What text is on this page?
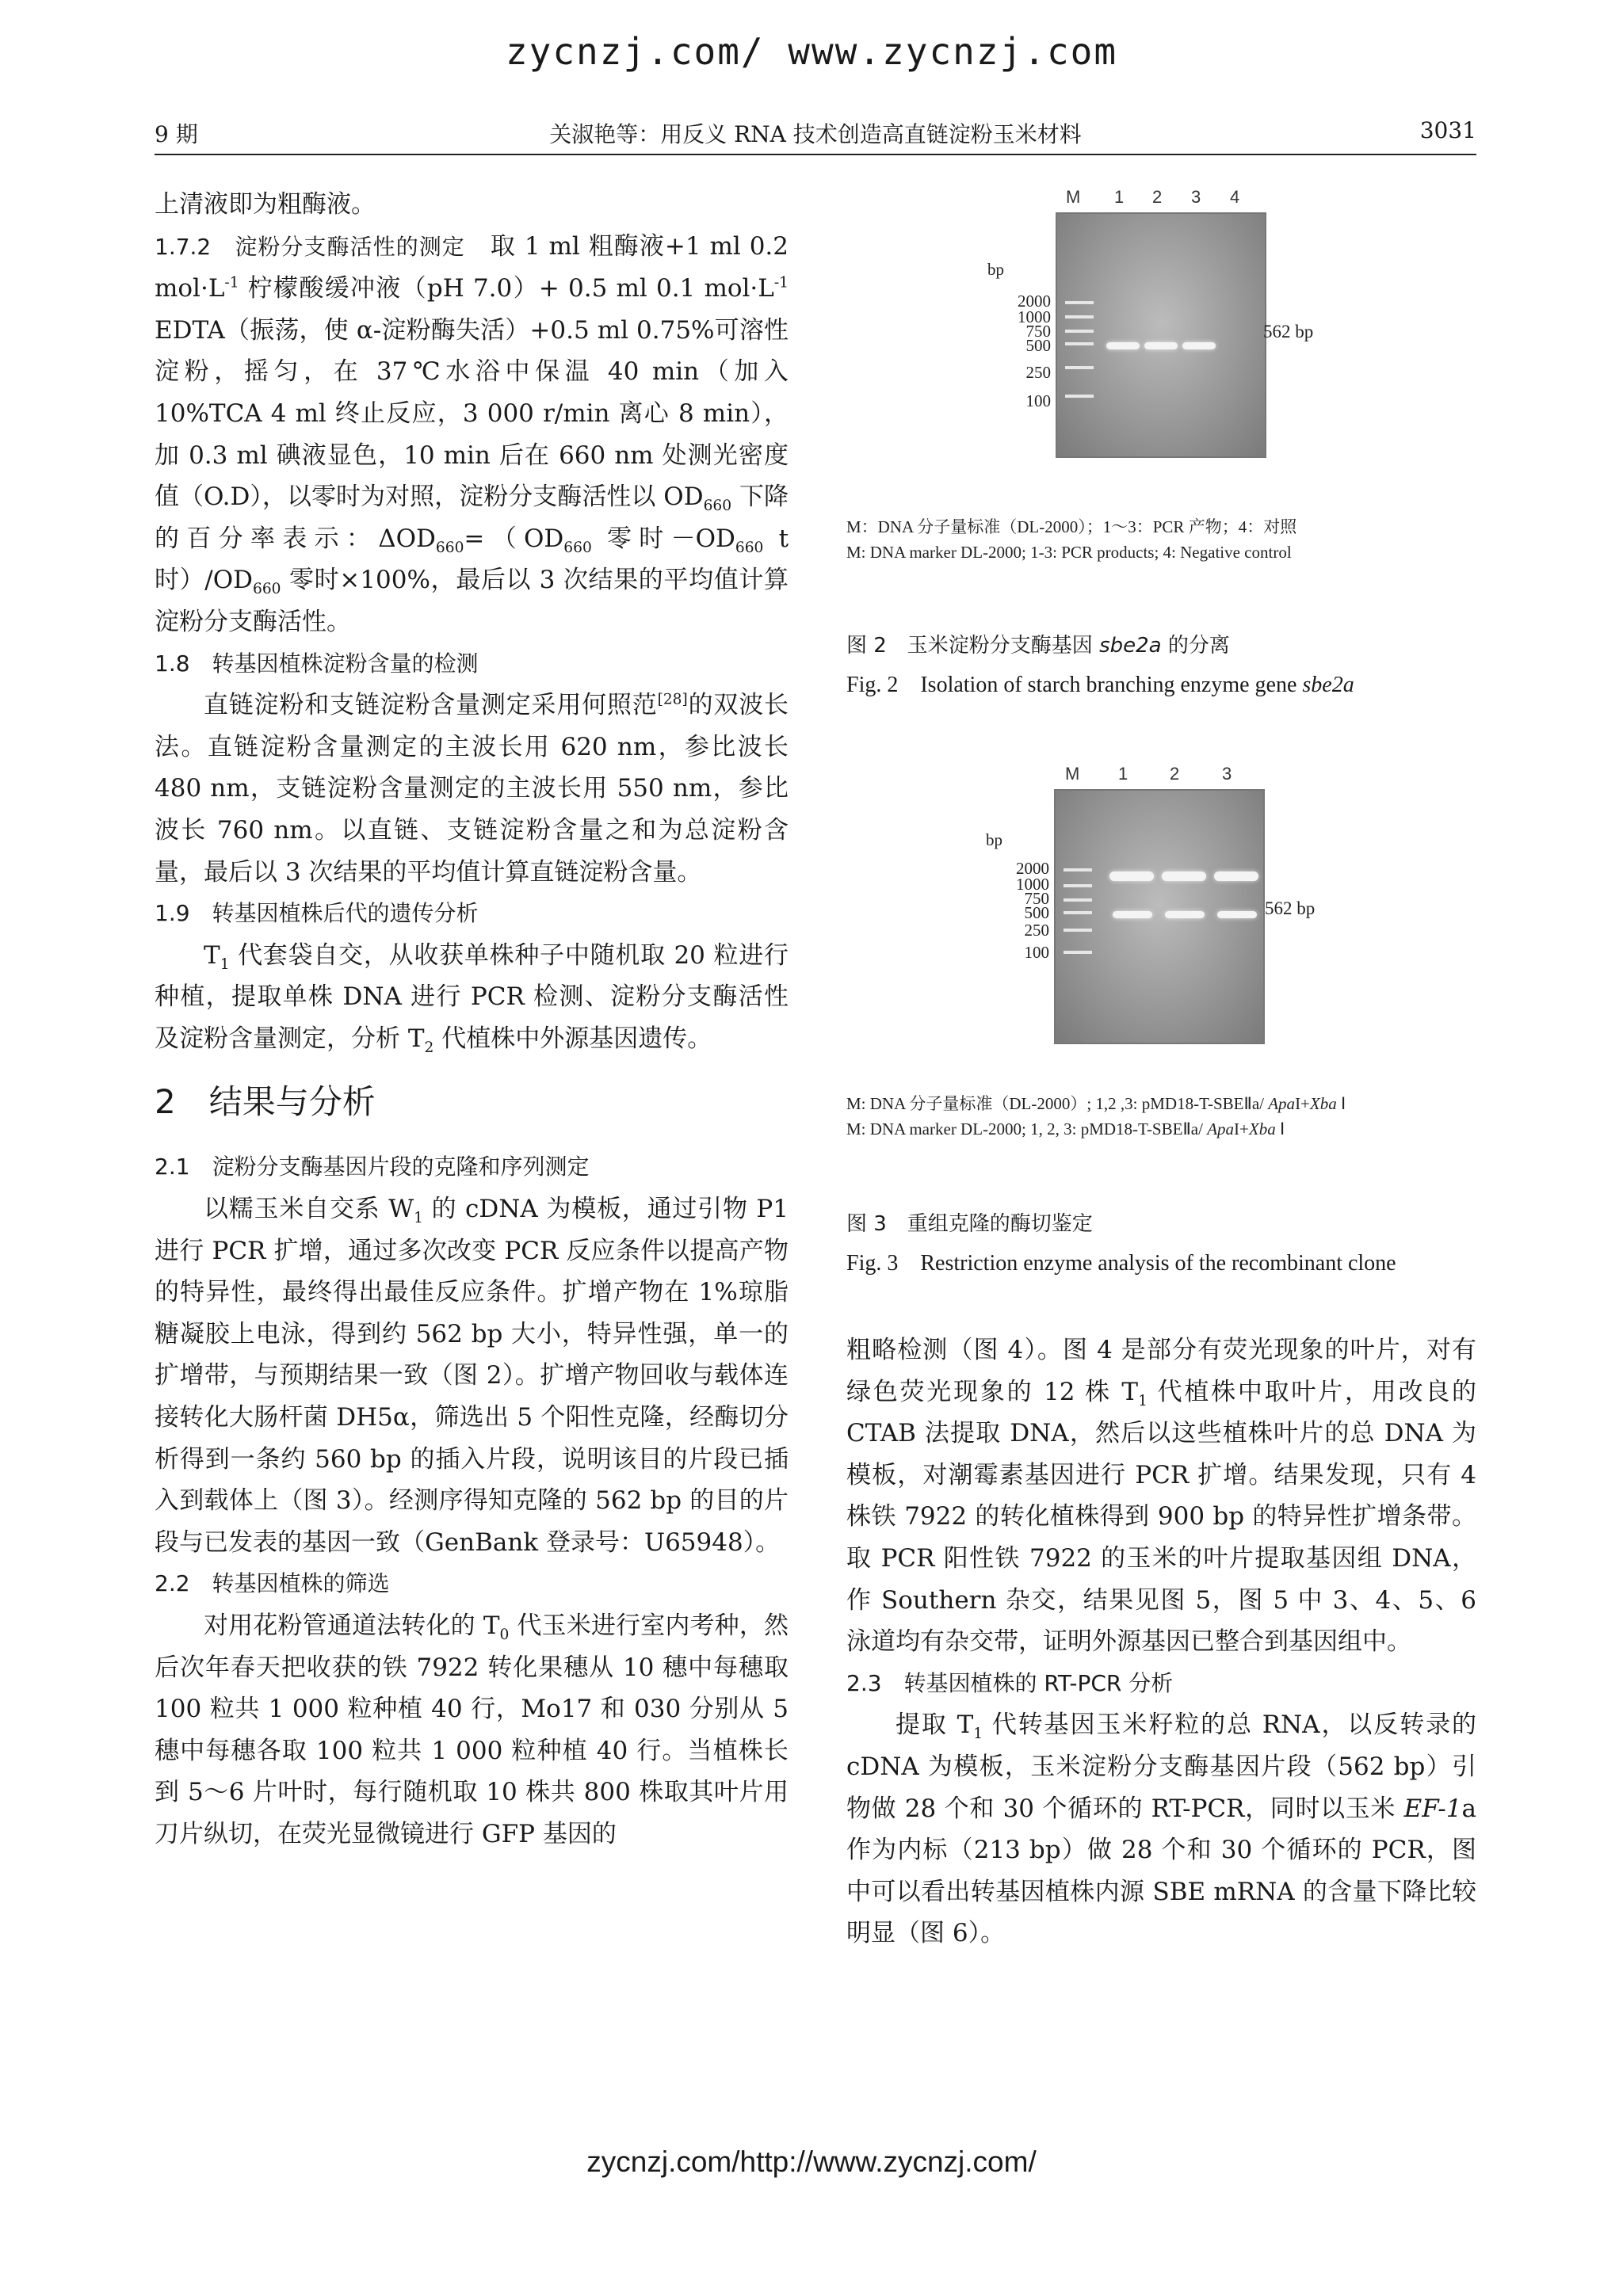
zycnzj.com/ www.zycnzj.com
9 期	关淑艳等：用反义 RNA 技术创造高直链淀粉玉米材料	3031

上清液即为粗酶液。

1.7.2　淀粉分支酶活性的测定　 取 1 ml 粗酶液+1 ml 0.2 $mol\cdot L^{-1}$ 柠檬酸缓冲液（pH 7.0）+ 0.5 ml 0.1 $mol\cdot L^{-1}$ EDTA（振荡，使 α-淀粉酶失活）+0.5 ml 0.75%可溶性淀粉，摇匀，在 37℃水浴中保温 40 min（加入 10%TCA 4 ml 终止反应，3 000 r/min 离心 8 min），加 0.3 ml 碘液显色，10 min 后在 660 nm 处测光密度值（O.D），以零时为对照，淀粉分支酶活性以 $OD_{660}$ 下降的百分率表示：$\Delta OD_{660}=(OD_{660}$ 零时$-OD_{660}$ t 时）$/OD_{660}$ 零时×100%，最后以 3 次结果的平均值计算淀粉分支酶活性。

1.8　转基因植株淀粉含量的检测

直链淀粉和支链淀粉含量测定采用何照范[28]的双波长法。直链淀粉含量测定的主波长用 620 nm，参比波长 480 nm，支链淀粉含量测定的主波长用 550 nm，参比波长 760 nm。以直链、支链淀粉含量之和为总淀粉含量，最后以 3 次结果的平均值计算直链淀粉含量。

1.9　转基因植株后代的遗传分析

$T_1$ 代套袋自交，从收获单株种子中随机取 20 粒进行种植，提取单株 DNA 进行 PCR 检测、淀粉分支酶活性及淀粉含量测定，分析 $T_2$ 代植株中外源基因遗传。

2　结果与分析

2.1　淀粉分支酶基因片段的克隆和序列测定

以糯玉米自交系 $W_1$ 的 cDNA 为模板，通过引物 P1 进行 PCR 扩增，通过多次改变 PCR 反应条件以提高产物的特异性，最终得出最佳反应条件。扩增产物在 1%琼脂糖凝胶上电泳，得到约 562 bp 大小，特异性强，单一的扩增带，与预期结果一致（图 2）。扩增产物回收与载体连接转化大肠杆菌 DH5α，筛选出 5 个阳性克隆，经酶切分析得到一条约 560 bp 的插入片段，说明该目的片段已插入到载体上（图 3）。经测序得知克隆的 562 bp 的目的片段与已发表的基因一致（GenBank 登录号：U65948）。

2.2　转基因植株的筛选

对用花粉管通道法转化的 $T_0$ 代玉米进行室内考种，然后次年春天把收获的铁 7922 转化果穗从 10 穗中每穗取 100 粒共 1 000 粒种植 40 行，Mo17 和 030 分别从 5 穗中每穗各取 100 粒共 1 000 粒种植 40 行。当植株长到 5～6 片叶时，每行随机取 10 株共 800 株取其叶片用刀片纵切，在荧光显微镜进行 GFP 基因的

M 1 2 3 4
bp
2000
1000
750
500
250
100
562 bp
M：DNA 分子量标准（DL-2000）；1～3：PCR 产物；4：对照
M: DNA marker DL-2000; 1-3: PCR products; 4: Negative control
图 2　玉米淀粉分支酶基因 sbe2a 的分离
Fig. 2　Isolation of starch branching enzyme gene sbe2a
M 1 2 3
bp
2000
1000
750
500
250
100
562 bp
M: DNA 分子量标准（DL-2000）; 1,2 ,3: pMD18-T-SBEⅡa/ ApaI+Xba Ⅰ
M: DNA marker DL-2000; 1, 2, 3: pMD18-T-SBEⅡa/ ApaI+Xba Ⅰ
图 3　重组克隆的酶切鉴定
Fig. 3　Restriction enzyme analysis of the recombinant clone

粗略检测（图 4）。图 4 是部分有荧光现象的叶片，对有绿色荧光现象的 12 株 $T_1$ 代植株中取叶片，用改良的 CTAB 法提取 DNA，然后以这些植株叶片的总 DNA 为模板，对潮霉素基因进行 PCR 扩增。结果发现，只有 4 株铁 7922 的转化植株得到 900 bp 的特异性扩增条带。取 PCR 阳性铁 7922 的玉米的叶片提取基因组 DNA，作 Southern 杂交，结果见图 5，图 5 中 3、4、5、6 泳道均有杂交带，证明外源基因已整合到基因组中。

2.3　转基因植株的 RT-PCR 分析

提取 $T_1$ 代转基因玉米籽粒的总 RNA，以反转录的 cDNA 为模板，玉米淀粉分支酶基因片段（562 bp）引物做 28 个和 30 个循环的 RT-PCR，同时以玉米 EF-1a 作为内标（213 bp）做 28 个和 30 个循环的 PCR，图中可以看出转基因植株内源 SBE mRNA 的含量下降比较明显（图 6）。

zycnzj.com/http://www.zycnzj.com/
